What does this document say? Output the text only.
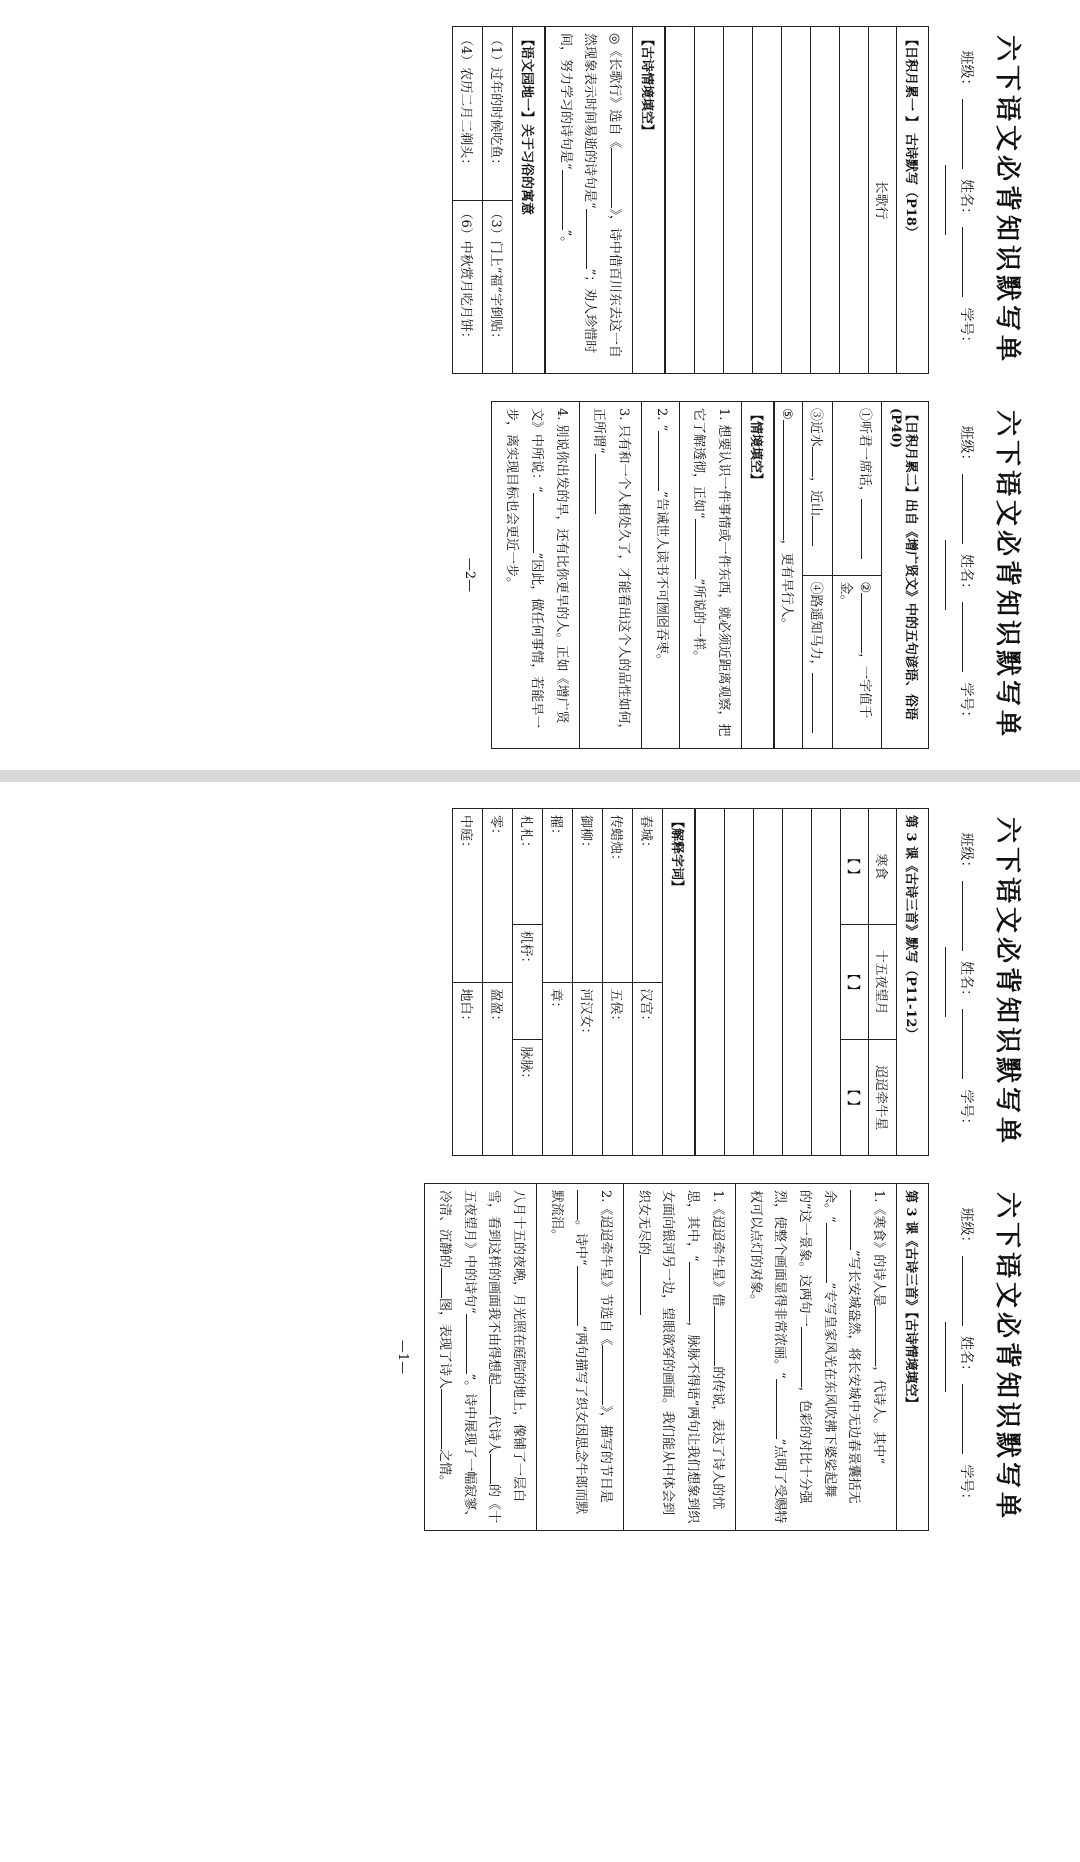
六下语文必背知识默写单
班级： 姓名： 学号：
【日积月累一 】 古诗默写（P18）
长歌行
【古诗情境填空】
◎《长歌行》选自《》，诗中借百川东去这一自然现象表示时间易逝的诗句是“”；劝人珍惜时间，努力学习的诗句是“”。
【语文园地一】关于习俗的寓意
（1）过年的时候吃鱼：
（3）门上“福”字倒贴：
（4）农历二月二剃头：
（6）中秋赏月吃月饼：
六下语文必背知识默写单
班级： 姓名： 学号：
【日积月累二】出自《增广贤文》中的五句谚语、俗语(P40)
①听君一席话，
②，一字值千金。
③近水，近山
④路遥知马力，
⑤，更有早行人。
【情境填空】
1. 想要认识一件事情或一件东西，就必须近距离观察，把它了解透彻，正如“”所说的一样。
2. “”告诫世人读书不可囫囵吞枣。
3. 只有和一个人相处久了，才能看出这个人的品性如何，正所谓“
4. 别说你出发的早，还有比你更早的人。正如《增广贤文》中所说：“”因此，做任何事情，若能早一步，离实现目标也会更近一步。
—2—
六下语文必背知识默写单
班级： 姓名： 学号：
第 3 课《古诗三首》默写（P11-12）
寒食
十五夜望月
迢迢牵牛星
【 】
【 】
【 】
【解释字词】
春城：
汉宫：
传蜡烛：
五侯：
御柳：
河汉女：
擢：
章：
札札：
机杼：
脉脉：
零：
盈盈：
中庭：
地白：
六下语文必背知识默写单
班级： 姓名： 学号：
第 3 课《古诗三首》【古诗情境填空】
1.《寒食》的诗人是，代诗人。其中“”写长安城盎然，将长安城中无边春景囊括无余。“”专写皇家风光在东风吹拂下婆娑起舞的”这一景象。这两句一，色彩的对比十分强烈，使整个画面显得非常浓丽。“”点明了受赐特权可以点灯的对象。
1.《迢迢牵牛星》借的传说，表达了诗人的忧思，其中，“，脉脉不得语”两句让我们想象到织女面向银河另一边，望眼欲穿的画面。我们能从中体会到织女无尽的
2.《迢迢牵牛星》节选自《》，描写的节日是。诗中“”两句描写了织女因思念牛郎而默默流泪。
八月十五的夜晚，月光照在庭院的地上，像铺了一层白雪，看到这样的画面我不由得想起代诗人的《十五夜望月》中的诗句“”。诗中展现了一幅寂寥、冷清、沉静的图，表现了诗人之情。
—1—
